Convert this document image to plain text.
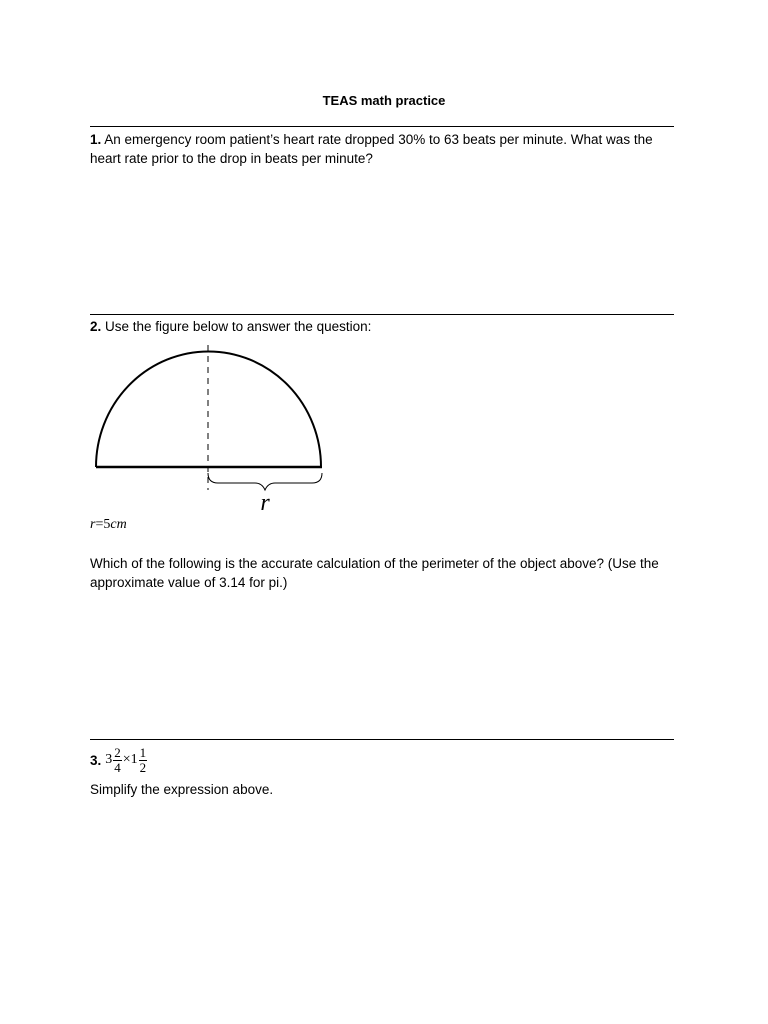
TEAS math practice
1. An emergency room patient’s heart rate dropped 30% to 63 beats per minute. What was the heart rate prior to the drop in beats per minute?
2. Use the figure below to answer the question:
r
r=5cm
Which of the following is the accurate calculation of the perimeter of the object above? (Use the approximate value of 3.14 for pi.)
3. $3 \frac{2}{4} \times 1 \frac{1}{2}$
Simplify the expression above.
